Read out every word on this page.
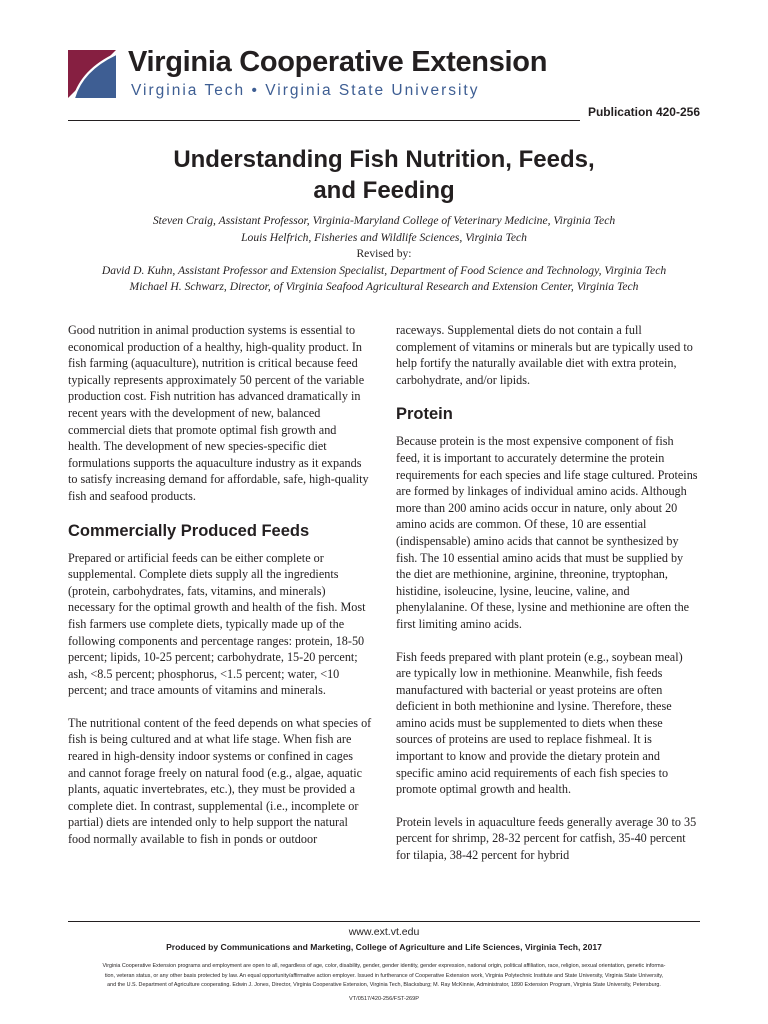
Virginia Cooperative Extension
Virginia Tech • Virginia State University
Publication 420-256
Understanding Fish Nutrition, Feeds,
and Feeding
Steven Craig, Assistant Professor, Virginia-Maryland College of Veterinary Medicine, Virginia Tech
Louis Helfrich, Fisheries and Wildlife Sciences, Virginia Tech
Revised by:
David D. Kuhn, Assistant Professor and Extension Specialist, Department of Food Science and Technology, Virginia Tech
Michael H. Schwarz, Director, of Virginia Seafood Agricultural Research and Extension Center, Virginia Tech

Good nutrition in animal production systems is essential to economical production of a healthy, high-quality product. In fish farming (aquaculture), nutrition is critical because feed typically represents approximately 50 percent of the variable production cost. Fish nutrition has advanced dramatically in recent years with the development of new, balanced commercial diets that promote optimal fish growth and health. The development of new species-specific diet formulations supports the aquaculture industry as it expands to satisfy increasing demand for affordable, safe, high-quality fish and seafood products.

Commercially Produced Feeds

Prepared or artificial feeds can be either complete or supplemental. Complete diets supply all the ingredients (protein, carbohydrates, fats, vitamins, and minerals) necessary for the optimal growth and health of the fish. Most fish farmers use complete diets, typically made up of the following components and percentage ranges: protein, 18-50 percent; lipids, 10-25 percent; carbohydrate, 15-20 percent; ash, <8.5 percent; phosphorus, <1.5 percent; water, <10 percent; and trace amounts of vitamins and minerals.

The nutritional content of the feed depends on what species of fish is being cultured and at what life stage. When fish are reared in high-density indoor systems or confined in cages and cannot forage freely on natural food (e.g., algae, aquatic plants, aquatic invertebrates, etc.), they must be provided a complete diet. In contrast, supplemental (i.e., incomplete or partial) diets are intended only to help support the natural food normally available to fish in ponds or outdoor

raceways. Supplemental diets do not contain a full complement of vitamins or minerals but are typically used to help fortify the naturally available diet with extra protein, carbohydrate, and/or lipids.

Protein

Because protein is the most expensive component of fish feed, it is important to accurately determine the protein requirements for each species and life stage cultured. Proteins are formed by linkages of individual amino acids. Although more than 200 amino acids occur in nature, only about 20 amino acids are common. Of these, 10 are essential (indispensable) amino acids that cannot be synthesized by fish. The 10 essential amino acids that must be supplied by the diet are methionine, arginine, threonine, tryptophan, histidine, isoleucine, lysine, leucine, valine, and phenylalanine. Of these, lysine and methionine are often the first limiting amino acids.

Fish feeds prepared with plant protein (e.g., soybean meal) are typically low in methionine. Meanwhile, fish feeds manufactured with bacterial or yeast proteins are often deficient in both methionine and lysine. Therefore, these amino acids must be supplemented to diets when these sources of proteins are used to replace fishmeal. It is important to know and provide the dietary protein and specific amino acid requirements of each fish species to promote optimal growth and health.

Protein levels in aquaculture feeds generally average 30 to 35 percent for shrimp, 28-32 percent for catfish, 35-40 percent for tilapia, 38-42 percent for hybrid

www.ext.vt.edu
Produced by Communications and Marketing, College of Agriculture and Life Sciences, Virginia Tech, 2017
Virginia Cooperative Extension programs and employment are open to all, regardless of age, color, disability, gender, gender identity, gender expression, national origin, political affiliation, race, religion, sexual orientation, genetic informa-
tion, veteran status, or any other basis protected by law. An equal opportunity/affirmative action employer. Issued in furtherance of Cooperative Extension work, Virginia Polytechnic Institute and State University, Virginia State University,
and the U.S. Department of Agriculture cooperating. Edwin J. Jones, Director, Virginia Cooperative Extension, Virginia Tech, Blacksburg; M. Ray McKinnie, Administrator, 1890 Extension Program, Virginia State University, Petersburg.
VT/0517/420-256/FST-269P
